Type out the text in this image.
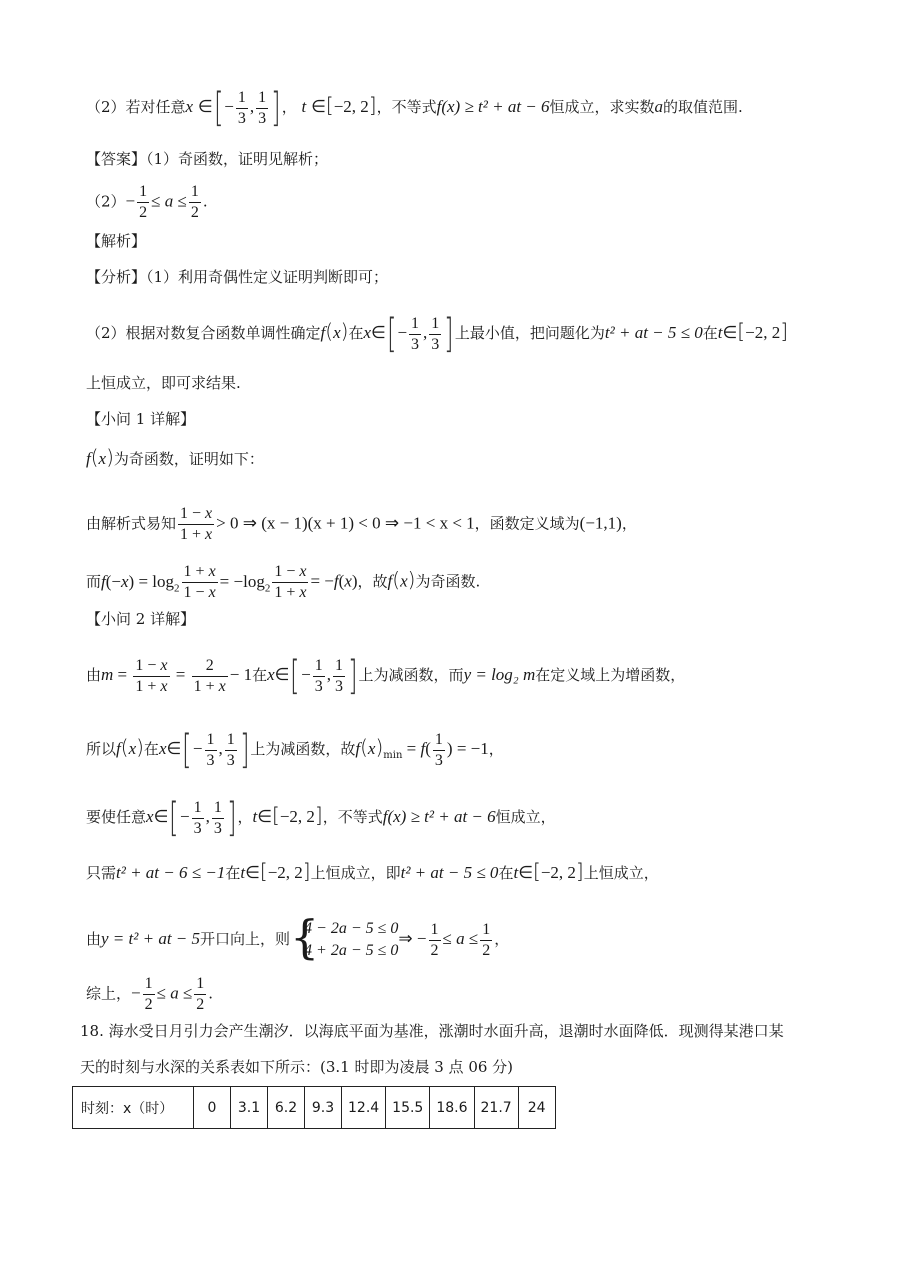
（2）若对任意x ∈[− $\frac{1}{3}$ , $\frac{1}{3}$ ]， t ∈[−2, 2]，不等式f(x) ≥ t² + at − 6恒成立，求实数a的取值范围.
【答案】（1）奇函数，证明见解析；
$(2)- \frac{1}{2} \le a \le \frac{1}{2}$ .
【解析】
【分析】（1）利用奇偶性定义证明判断即可；
（2）根据对数复合函数单调性确定f(x)在x∈[− $\frac{1}{3}$ , $\frac{1}{3}$ ]上最小值，把问题化为t² + at − 5 ≤ 0在t∈[−2, 2]
上恒成立，即可求结果.
【小问 1 详解】
f(x)为奇函数，证明如下：
由解析式易知 $\frac{1 - x}{1 + x} > 0$ ⇒ (x − 1)(x + 1) < 0 ⇒ −1 < x < 1，函数定义域为(−1,1)，
而$f(-x) = \log_2 \frac{1 + x}{1 - x} = -\log_2 \frac{1 - x}{1 + x} = -f(x)$，故f(x)为奇函数.
【小问 2 详解】
由$m = \frac{1 - x}{1 + x} = \frac{2}{1 + x} - 1$在x∈[− $\frac{1}{3}$ , $\frac{1}{3}$ ]上为减函数，而y = log₂ m在定义域上为增函数，
所以f(x)在x∈[− $\frac{1}{3}$ , $\frac{1}{3}$ ]上为减函数，故$f(x)_{min} = f( \frac{1}{3}$ ) = −1，
要使任意x∈[− $\frac{1}{3}$ , $\frac{1}{3}$ ]，t∈[−2, 2]，不等式f(x) ≥ t² + at − 6恒成立，
只需t² + at − 6 ≤ −1在t∈[−2, 2]上恒成立，即t² + at − 5 ≤ 0在t∈[−2, 2]上恒成立，
由y = t² + at − 5开口向上，则 {
4 − 2a − 5 ≤ 0
4 + 2a − 5 ≤ 0
⇒ − $\frac{1}{2} \le a \le \frac{1}{2}$ ，
综上，− $\frac{1}{2} \le a \le \frac{1}{2}$ .
18. 海水受日月引力会产生潮汐．以海底平面为基准，涨潮时水面升高，退潮时水面降低．现测得某港口某
天的时刻与水深的关系表如下所示：(3.1 时即为凌晨 3 点 06 分)
时刻：x（时）	0	3.1	6.2	9.3	12.4	15.5	18.6	21.7	24
